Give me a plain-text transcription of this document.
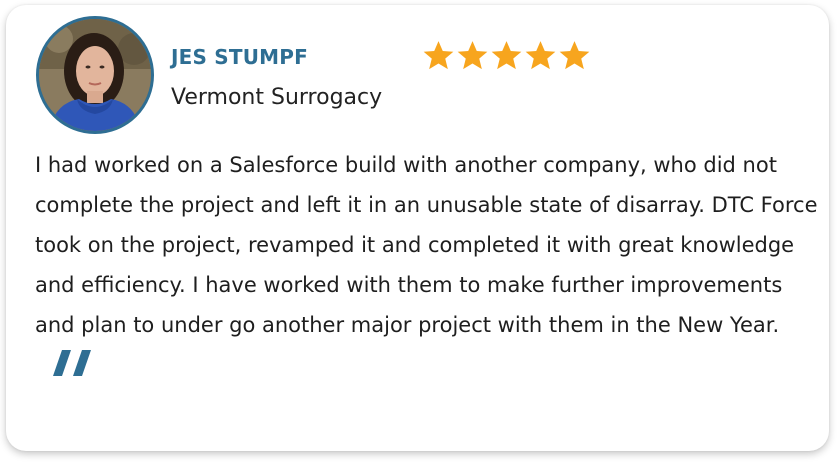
JES STUMPF
Vermont Surrogacy
I had worked on a Salesforce build with another company, who did not complete the project and left it in an unusable state of disarray. DTC Force took on the project, revamped it and completed it with great knowledge and efficiency. I have worked with them to make further improvements and plan to under go another major project with them in the New Year.
